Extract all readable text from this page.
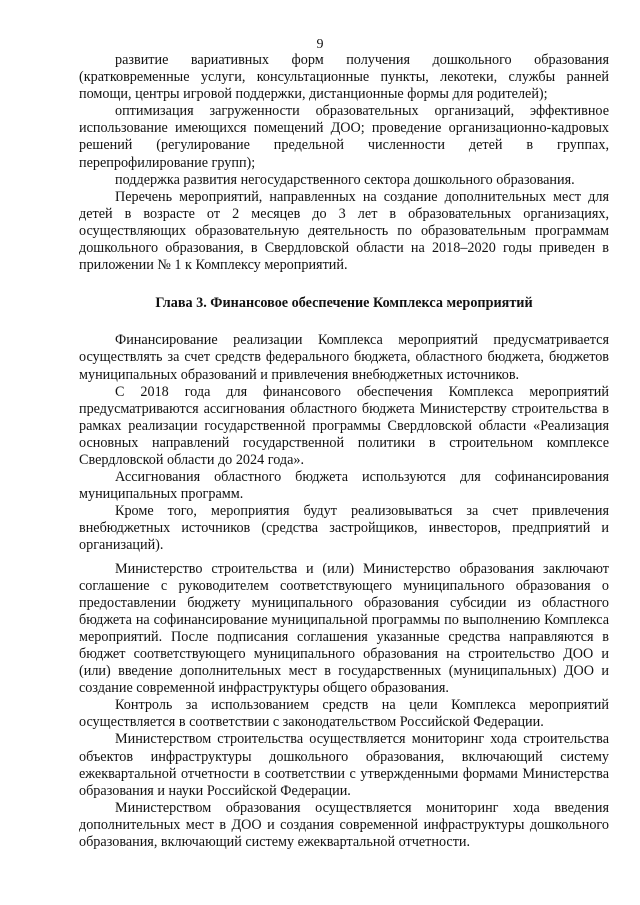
9

развитие вариативных форм получения дошкольного образования (кратковременные услуги, консультационные пункты, лекотеки, службы ранней помощи, центры игровой поддержки, дистанционные формы для родителей);

оптимизация загруженности образовательных организаций, эффективное использование имеющихся помещений ДОО; проведение организационно-кадровых решений (регулирование предельной численности детей в группах, перепрофилирование групп);

поддержка развития негосударственного сектора дошкольного образования.

Перечень мероприятий, направленных на создание дополнительных мест для детей в возрасте от 2 месяцев до 3 лет в образовательных организациях, осуществляющих образовательную деятельность по образовательным программам дошкольного образования, в Свердловской области на 2018–2020 годы приведен в приложении № 1 к Комплексу мероприятий.

Глава 3. Финансовое обеспечение Комплекса мероприятий

Финансирование реализации Комплекса мероприятий предусматривается осуществлять за счет средств федерального бюджета, областного бюджета, бюджетов муниципальных образований и привлечения внебюджетных источников.

С 2018 года для финансового обеспечения Комплекса мероприятий предусматриваются ассигнования областного бюджета Министерству строительства в рамках реализации государственной программы Свердловской области «Реализация основных направлений государственной политики в строительном комплексе Свердловской области до 2024 года».

Ассигнования областного бюджета используются для софинансирования муниципальных программ.

Кроме того, мероприятия будут реализовываться за счет привлечения внебюджетных источников (средства застройщиков, инвесторов, предприятий и организаций).

Министерство строительства и (или) Министерство образования заключают соглашение с руководителем соответствующего муниципального образования о предоставлении бюджету муниципального образования субсидии из областного бюджета на софинансирование муниципальной программы по выполнению Комплекса мероприятий. После подписания соглашения указанные средства направляются в бюджет соответствующего муниципального образования на строительство ДОО и (или) введение дополнительных мест в государственных (муниципальных) ДОО и создание современной инфраструктуры общего образования.

Контроль за использованием средств на цели Комплекса мероприятий осуществляется в соответствии с законодательством Российской Федерации.

Министерством строительства осуществляется мониторинг хода строительства объектов инфраструктуры дошкольного образования, включающий систему ежеквартальной отчетности в соответствии с утвержденными формами Министерства образования и науки Российской Федерации.

Министерством образования осуществляется мониторинг хода введения дополнительных мест в ДОО и создания современной инфраструктуры дошкольного образования, включающий систему ежеквартальной отчетности.
